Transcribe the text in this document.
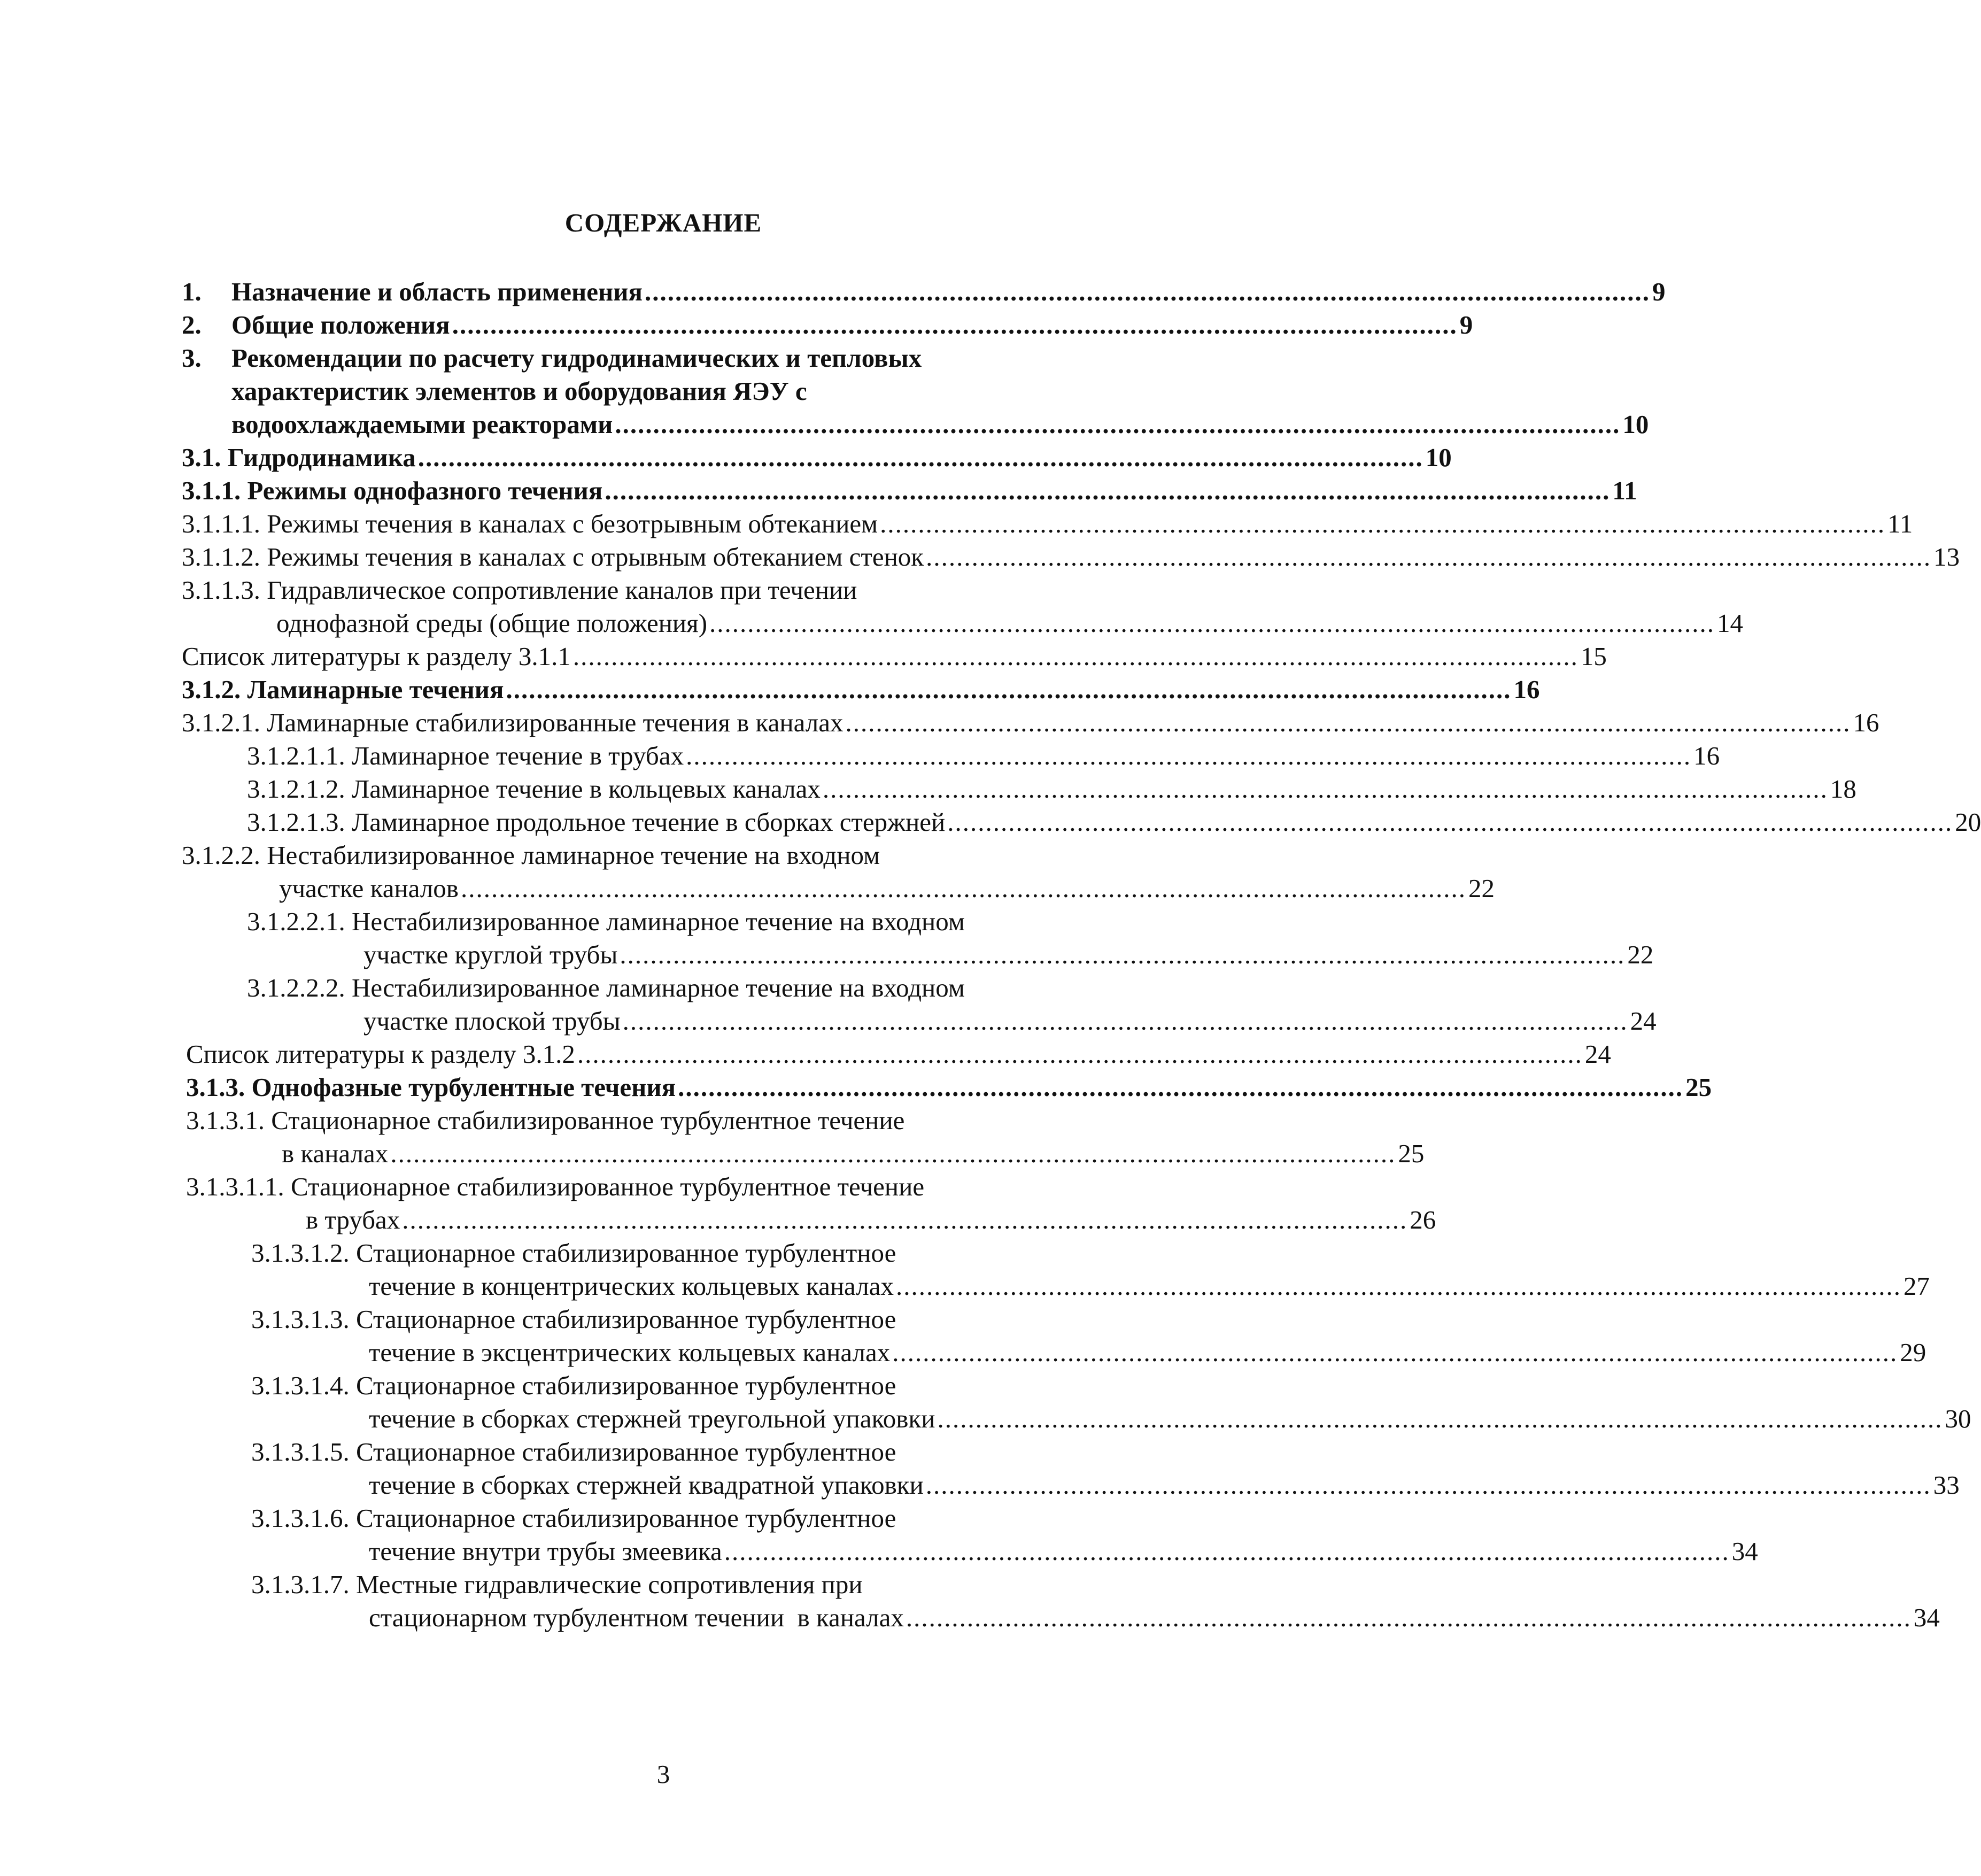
СОДЕРЖАНИЕ
1. Назначение и область применения .................................................................................................................................... 9
2. Общие положения .................................................................................................................................... 9
3. Рекомендации по расчету гидродинамических и тепловых
характеристик элементов и оборудования ЯЭУ с
водоохлаждаемыми реакторами .................................................................................................................................... 10
3.1. Гидродинамика .................................................................................................................................... 10
3.1.1. Режимы однофазного течения .................................................................................................................................... 11
3.1.1.1. Режимы течения в каналах с безотрывным обтеканием .................................................................................................................................... 11
3.1.1.2. Режимы течения в каналах с отрывным обтеканием стенок .................................................................................................................................... 13
3.1.1.3. Гидравлическое сопротивление каналов при течении
однофазной среды (общие положения) .................................................................................................................................... 14
Список литературы к разделу 3.1.1 .................................................................................................................................... 15
3.1.2. Ламинарные течения .................................................................................................................................... 16
3.1.2.1. Ламинарные стабилизированные течения в каналах .................................................................................................................................... 16
3.1.2.1.1. Ламинарное течение в трубах .................................................................................................................................... 16
3.1.2.1.2. Ламинарное течение в кольцевых каналах .................................................................................................................................... 18
3.1.2.1.3. Ламинарное продольное течение в сборках стержней .................................................................................................................................... 20
3.1.2.2. Нестабилизированное ламинарное течение на входном
участке каналов .................................................................................................................................... 22
3.1.2.2.1. Нестабилизированное ламинарное течение на входном
участке круглой трубы .................................................................................................................................... 22
3.1.2.2.2. Нестабилизированное ламинарное течение на входном
участке плоской трубы .................................................................................................................................... 24
Список литературы к разделу 3.1.2 .................................................................................................................................... 24
3.1.3. Однофазные турбулентные течения .................................................................................................................................... 25
3.1.3.1. Стационарное стабилизированное турбулентное течение
в каналах .................................................................................................................................... 25
3.1.3.1.1. Стационарное стабилизированное турбулентное течение
в трубах .................................................................................................................................... 26
3.1.3.1.2. Стационарное стабилизированное турбулентное
течение в концентрических кольцевых каналах .................................................................................................................................... 27
3.1.3.1.3. Стационарное стабилизированное турбулентное
течение в эксцентрических кольцевых каналах .................................................................................................................................... 29
3.1.3.1.4. Стационарное стабилизированное турбулентное
течение в сборках стержней треугольной упаковки .................................................................................................................................... 30
3.1.3.1.5. Стационарное стабилизированное турбулентное
течение в сборках стержней квадратной упаковки .................................................................................................................................... 33
3.1.3.1.6. Стационарное стабилизированное турбулентное
течение внутри трубы змеевика .................................................................................................................................... 34
3.1.3.1.7. Местные гидравлические сопротивления при
стационарном турбулентном течении  в каналах .................................................................................................................................... 34
3
